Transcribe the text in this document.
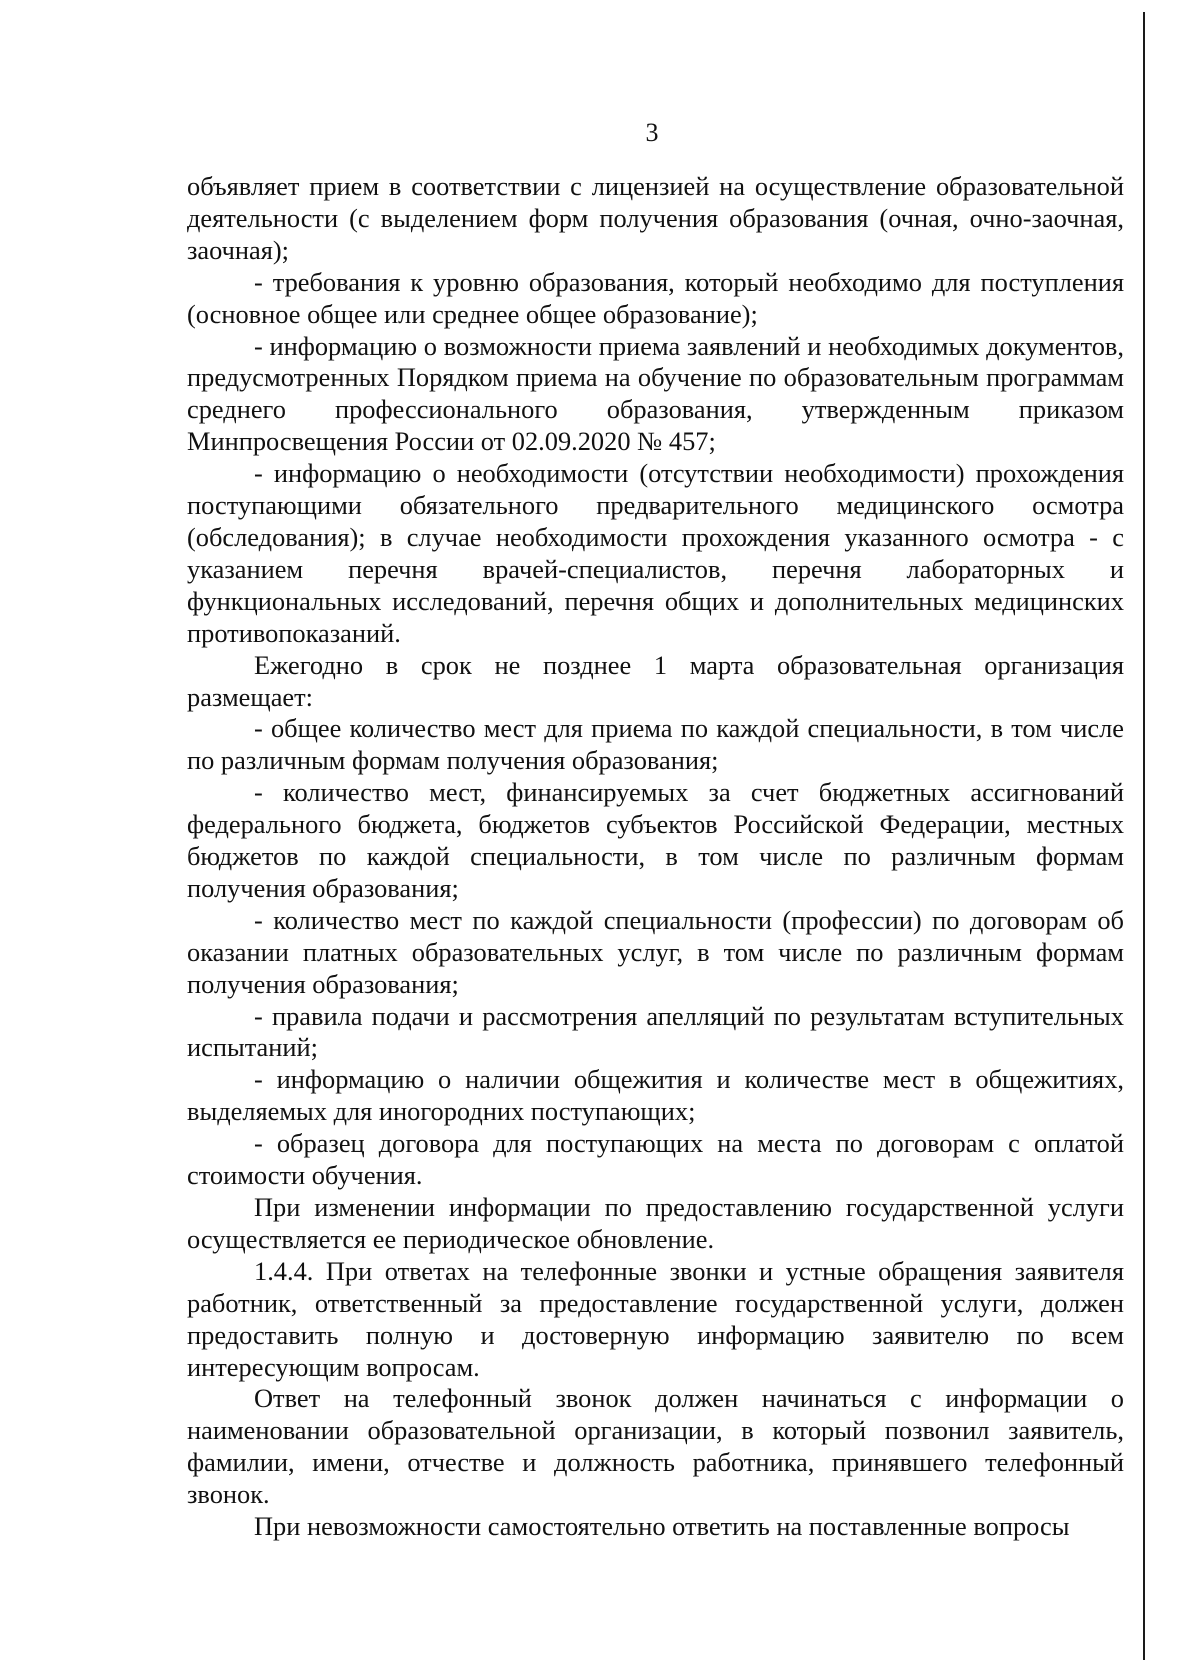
3

объявляет прием в соответствии с лицензией на осуществление образовательной деятельности (с выделением форм получения образования (очная, очно-заочная, заочная);

- требования к уровню образования, который необходимо для поступления (основное общее или среднее общее образование);

- информацию о возможности приема заявлений и необходимых документов, предусмотренных Порядком приема на обучение по образовательным программам среднего профессионального образования, утвержденным приказом Минпросвещения России от 02.09.2020 № 457;

- информацию о необходимости (отсутствии необходимости) прохождения поступающими обязательного предварительного медицинского осмотра (обследования); в случае необходимости прохождения указанного осмотра - с указанием перечня врачей-специалистов, перечня лабораторных и функциональных исследований, перечня общих и дополнительных медицинских противопоказаний.

Ежегодно в срок не позднее 1 марта образовательная организация размещает:

- общее количество мест для приема по каждой специальности, в том числе по различным формам получения образования;

- количество мест, финансируемых за счет бюджетных ассигнований федерального бюджета, бюджетов субъектов Российской Федерации, местных бюджетов по каждой специальности, в том числе по различным формам получения образования;

- количество мест по каждой специальности (профессии) по договорам об оказании платных образовательных услуг, в том числе по различным формам получения образования;

- правила подачи и рассмотрения апелляций по результатам вступительных испытаний;

- информацию о наличии общежития и количестве мест в общежитиях, выделяемых для иногородних поступающих;

- образец договора для поступающих на места по договорам с оплатой стоимости обучения.

При изменении информации по предоставлению государственной услуги осуществляется ее периодическое обновление.

1.4.4. При ответах на телефонные звонки и устные обращения заявителя работник, ответственный за предоставление государственной услуги, должен предоставить полную и достоверную информацию заявителю по всем интересующим вопросам.

Ответ на телефонный звонок должен начинаться с информации о наименовании образовательной организации, в который позвонил заявитель, фамилии, имени, отчестве и должность работника, принявшего телефонный звонок.

При невозможности самостоятельно ответить на поставленные вопросы
